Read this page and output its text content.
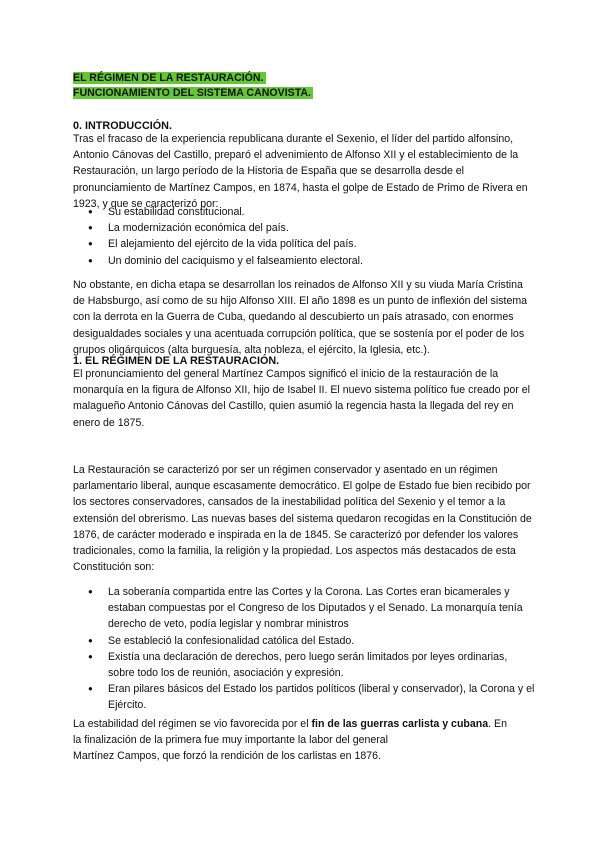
EL RÉGIMEN DE LA RESTAURACIÓN.
FUNCIONAMIENTO DEL SISTEMA CANOVISTA.
0. INTRODUCCIÓN.

Tras el fracaso de la experiencia republicana durante el Sexenio, el líder del partido alfonsino, Antonio Cánovas del Castillo, preparó el advenimiento de Alfonso XII y el establecimiento de la Restauración, un largo período de la Historia de España que se desarrolla desde el pronunciamiento de Martínez Campos, en 1874, hasta el golpe de Estado de Primo de Rivera en 1923, y que se caracterizó por:

● Su estabilidad constitucional.
● La modernización económica del país.
● El alejamiento del ejército de la vida política del país.
● Un dominio del caciquismo y el falseamiento electoral.

No obstante, en dicha etapa se desarrollan los reinados de Alfonso XII y su viuda María Cristina de Habsburgo, así como de su hijo Alfonso XIII. El año 1898 es un punto de inflexión del sistema con la derrota en la Guerra de Cuba, quedando al descubierto un país atrasado, con enormes desigualdades sociales y una acentuada corrupción política, que se sostenía por el poder de los grupos oligárquicos (alta burguesía, alta nobleza, el ejército, la Iglesia, etc.).

1. EL RÉGIMEN DE LA RESTAURACIÓN.

El pronunciamiento del general Martínez Campos significó el inicio de la restauración de la monarquía en la figura de Alfonso XII, hijo de Isabel II. El nuevo sistema político fue creado por el malagueño Antonio Cánovas del Castillo, quien asumió la regencia hasta la llegada del rey en enero de 1875.

La Restauración se caracterizó por ser un régimen conservador y asentado en un régimen parlamentario liberal, aunque escasamente democrático. El golpe de Estado fue bien recibido por los sectores conservadores, cansados de la inestabilidad política del Sexenio y el temor a la extensión del obrerismo. Las nuevas bases del sistema quedaron recogidas en la Constitución de 1876, de carácter moderado e inspirada en la de 1845. Se caracterizó por defender los valores tradicionales, como la familia, la religión y la propiedad. Los aspectos más destacados de esta Constitución son:

● La soberanía compartida entre las Cortes y la Corona. Las Cortes eran bicamerales y estaban compuestas por el Congreso de los Diputados y el Senado. La monarquía tenía derecho de veto, podía legislar y nombrar ministros
● Se estableció la confesionalidad católica del Estado.
● Existía una declaración de derechos, pero luego serán limitados por leyes ordinarias, sobre todo los de reunión, asociación y expresión.
● Eran pilares básicos del Estado los partidos políticos (liberal y conservador), la Corona y el Ejército.
La estabilidad del régimen se vio favorecida por el fin de las guerras carlista y cubana. En
la finalización de la primera fue muy importante la labor del general
Martínez Campos, que forzó la rendición de los carlistas en 1876.
